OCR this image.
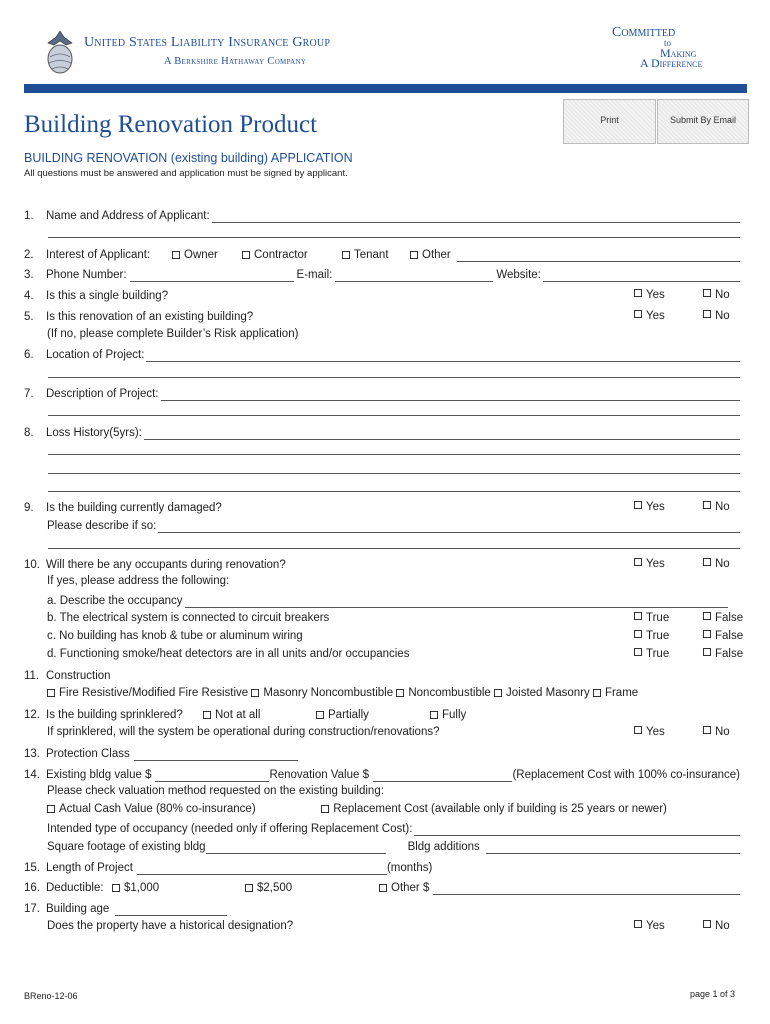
United States Liability Insurance Group
A Berkshire Hathaway Company
Committed
to
Making
A Difference
Print	Submit By Email
Building Renovation Product
BUILDING RENOVATION (existing building) APPLICATION
All questions must be answered and application must be signed by applicant.
1.	Name and Address of Applicant:
2.	Interest of Applicant:	Owner	Contractor	Tenant	Other
3.	Phone Number:	E-mail:	Website:
4.	Is this a single building?	Yes	No
5.	Is this renovation of an existing building?	Yes	No
(If no, please complete Builder’s Risk application)
6.	Location of Project:
7.	Description of Project:
8.	Loss History(5yrs):
9.	Is the building currently damaged?	Yes	No
Please describe if so:
10. Will there be any occupants during renovation?	Yes	No
If yes, please address the following:
a. Describe the occupancy
b. The electrical system is connected to circuit breakers	True	False
c. No building has knob & tube or aluminum wiring	True	False
d. Functioning smoke/heat detectors are in all units and/or occupancies	True	False
11. Construction
Fire Resistive/Modified Fire Resistive
Masonry Noncombustible
Noncombustible
Joisted Masonry
Frame
12. Is the building sprinklered?	Not at all	Partially	Fully
If sprinklered, will the system be operational during construction/renovations?	Yes	No
13. Protection Class
14. Existing bldg value $	Renovation Value $	(Replacement Cost with 100% co-insurance)
Please check valuation method requested on the existing building:
Actual Cash Value (80% co-insurance)
	Replacement Cost (available only if building is 25 years or newer)
Intended type of occupancy (needed only if offering Replacement Cost):
Square footage of existing bldg	Bldg additions
15. Length of Project	(months)
16. Deductible:	$1,000	$2,500	Other $
17. Building age
Does the property have a historical designation?	Yes	No
BReno-12-06	page 1 of 3
